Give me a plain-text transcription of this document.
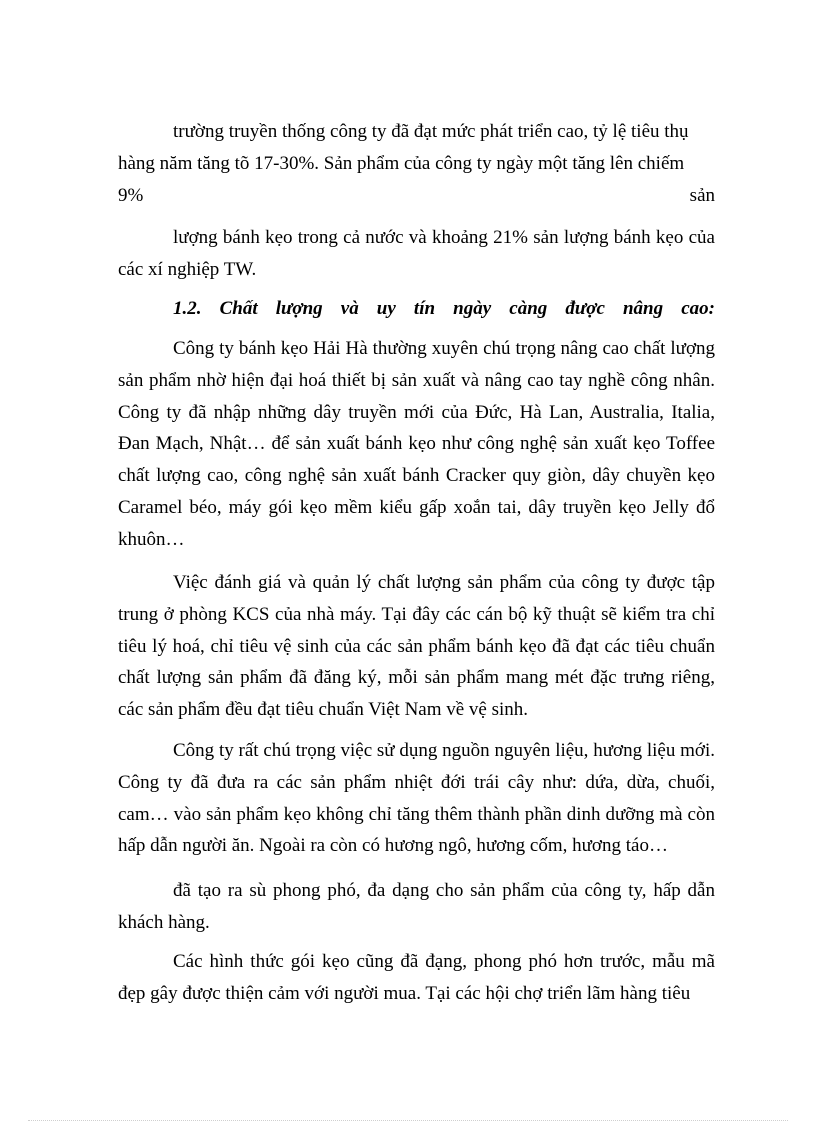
trường truyền thống công ty đã đạt mức phát triển cao, tỷ lệ tiêu thụ

hàng năm tăng tõ 17-30%. Sản phẩm của công ty ngày một tăng lên chiếm

9%	sản

lượng bánh kẹo trong cả nước và khoảng 21% sản lượng bánh kẹo của các xí nghiệp TW.

1.2. Chất lượng và uy tín ngày càng được nâng cao:

Công ty bánh kẹo Hải Hà thường xuyên chú trọng nâng cao chất lượng sản phẩm nhờ hiện đại hoá thiết bị sản xuất và nâng cao tay nghề công nhân. Công ty đã nhập những dây truyền mới của Đức, Hà Lan, Australia, Italia, Đan Mạch, Nhật… để sản xuất bánh kẹo như công nghệ sản xuất kẹo Toffee chất lượng cao, công nghệ sản xuất bánh Cracker quy giòn, dây chuyền kẹo Caramel béo, máy gói kẹo mềm kiểu gấp xoắn tai, dây truyền kẹo Jelly đổ khuôn…

Việc đánh giá và quản lý chất lượng sản phẩm của công ty được tập trung ở phòng KCS của nhà máy. Tại đây các cán bộ kỹ thuật sẽ kiểm tra chỉ tiêu lý hoá, chỉ tiêu vệ sinh của các sản phẩm bánh kẹo đã đạt các tiêu chuẩn chất lượng sản phẩm đã đăng ký, mỗi sản phẩm mang mét đặc trưng riêng, các sản phẩm đều đạt tiêu chuẩn Việt Nam về vệ sinh.

Công ty rất chú trọng việc sử dụng nguồn nguyên liệu, hương liệu mới. Công ty đã đưa ra các sản phẩm nhiệt đới trái cây như: dứa, dừa, chuối, cam… vào sản phẩm kẹo không chỉ tăng thêm thành phần dinh dưỡng mà còn hấp dẫn người ăn. Ngoài ra còn có hương ngô, hương cốm, hương táo…

đã tạo ra sù phong phó, đa dạng cho sản phẩm của công ty, hấp dẫn khách hàng.

Các hình thức gói kẹo cũng đã đạng, phong phó hơn trước, mẫu mã đẹp gây được thiện cảm với người mua. Tại các hội chợ triển lãm hàng tiêu
